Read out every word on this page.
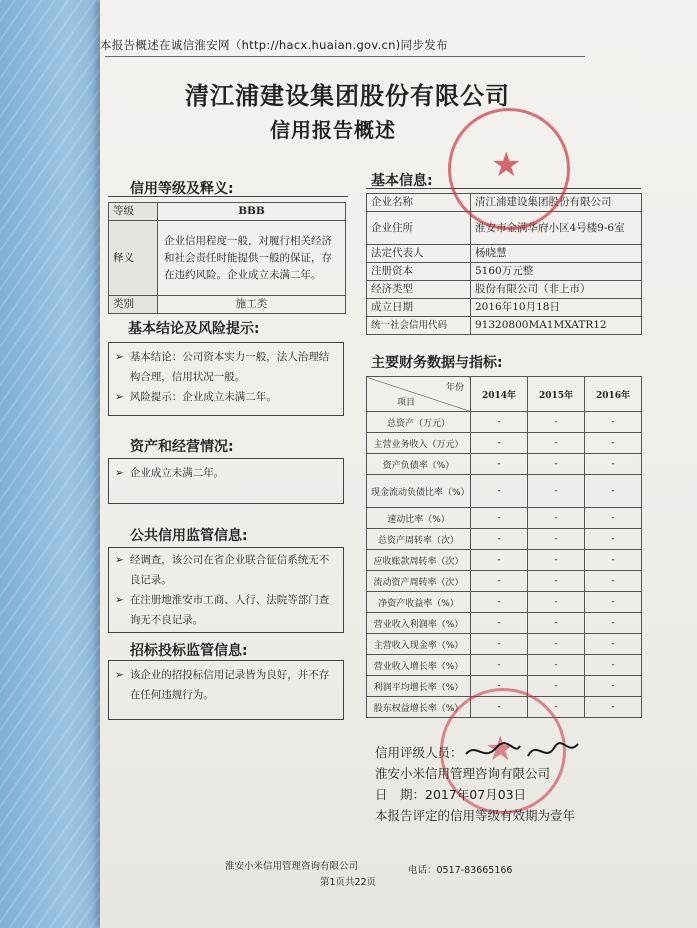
本报告概述在诚信淮安网（http://hacx.huaian.gov.cn)同步发布
清江浦建设集团股份有限公司
信用报告概述
信用等级及释义:
等级	BBB
释义	企业信用程度一般，对履行相关经济和社会责任时能提供一般的保证，存在违约风险。企业成立未满二年。
类别	施工类
基本结论及风险提示:
➢ 基本结论：公司资本实力一般，法人治理结构合理，信用状况一般。
➢ 风险提示：企业成立未满二年。
资产和经营情况:
➢ 企业成立未满二年。
公共信用监管信息:
➢ 经调查，该公司在省企业联合征信系统无不良记录。
➢ 在注册地淮安市工商、人行、法院等部门查询无不良记录。
招标投标监管信息:
➢ 该企业的招投标信用记录皆为良好，并不存在任何违规行为。
基本信息:
企业名称	清江浦建设集团股份有限公司
企业住所	淮安市金满华府小区4号楼9-6室
法定代表人	杨晓慧
注册资本	5160万元整
经济类型	股份有限公司（非上市）
成立日期	2016年10月18日
统一社会信用代码	91320800MA1MXATR12
主要财务数据与指标:
年份
项目	2014年	2015年	2016年
总资产（万元）	-	-	-
主营业务收入（万元）	-	-	-
资产负债率（%）	-	-	-
现金流动负债比率（%）	-	-	-
速动比率（%）	-	-	-
总资产周转率（次）	-	-	-
应收账款周转率（次）	-	-	-
流动资产周转率（次）	-	-	-
净资产收益率（%）	-	-	-
营业收入利润率（%）	-	-	-
主营收入现金率（%）	-	-	-
营业收入增长率（%）	-	-	-
利润平均增长率（%）	-	-	-
股东权益增长率（%）	-	-	-
★
★
信用评级人员：
淮安小米信用管理咨询有限公司
日　期：2017年07月03日
本报告评定的信用等级有效期为壹年
淮安小米信用管理咨询有限公司	电话：0517-83665166
第1页共22页
